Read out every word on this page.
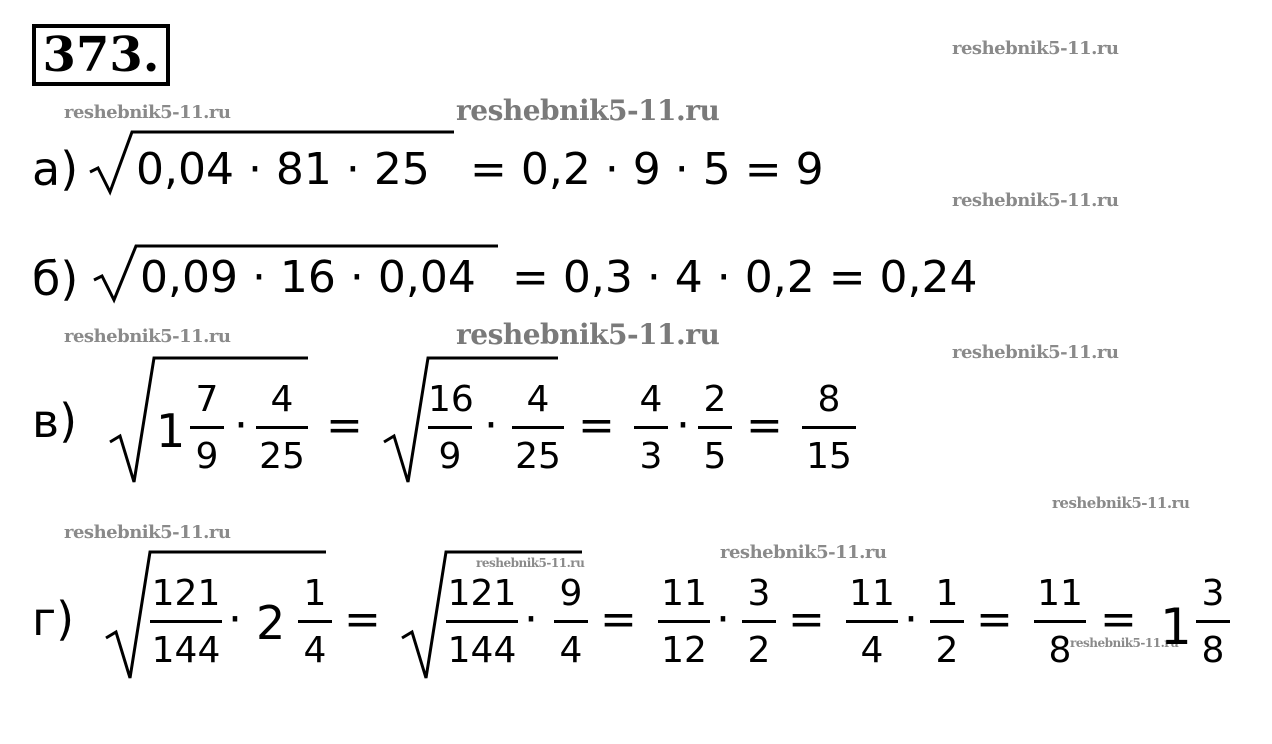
373.	reshebnik5-11.ru
reshebnik5-11.ru	reshebnik5-11.ru
reshebnik5-11.ru
reshebnik5-11.ru	reshebnik5-11.ru
reshebnik5-11.ru
reshebnik5-11.ru
reshebnik5-11.ru
reshebnik5-11.ru
reshebnik5-11.ru
reshebnik5-11.ru
а) 0,04 · 81 · 25 = 0,2 · 9 · 5 = 9
б) 0,09 · 16 · 0,04 = 0,3 · 4 · 0,2 = 0,24
в) 1
7
9
·
4
25
=
16
9
·
4
25
=
4
3
·
2
5
=
8
15
г) 121
144
· 2
1
4
=
121
144
·
9
4
=
11
12
·
3
2
=
11
4
·
1
2
=
11
8
= 1
3
8
